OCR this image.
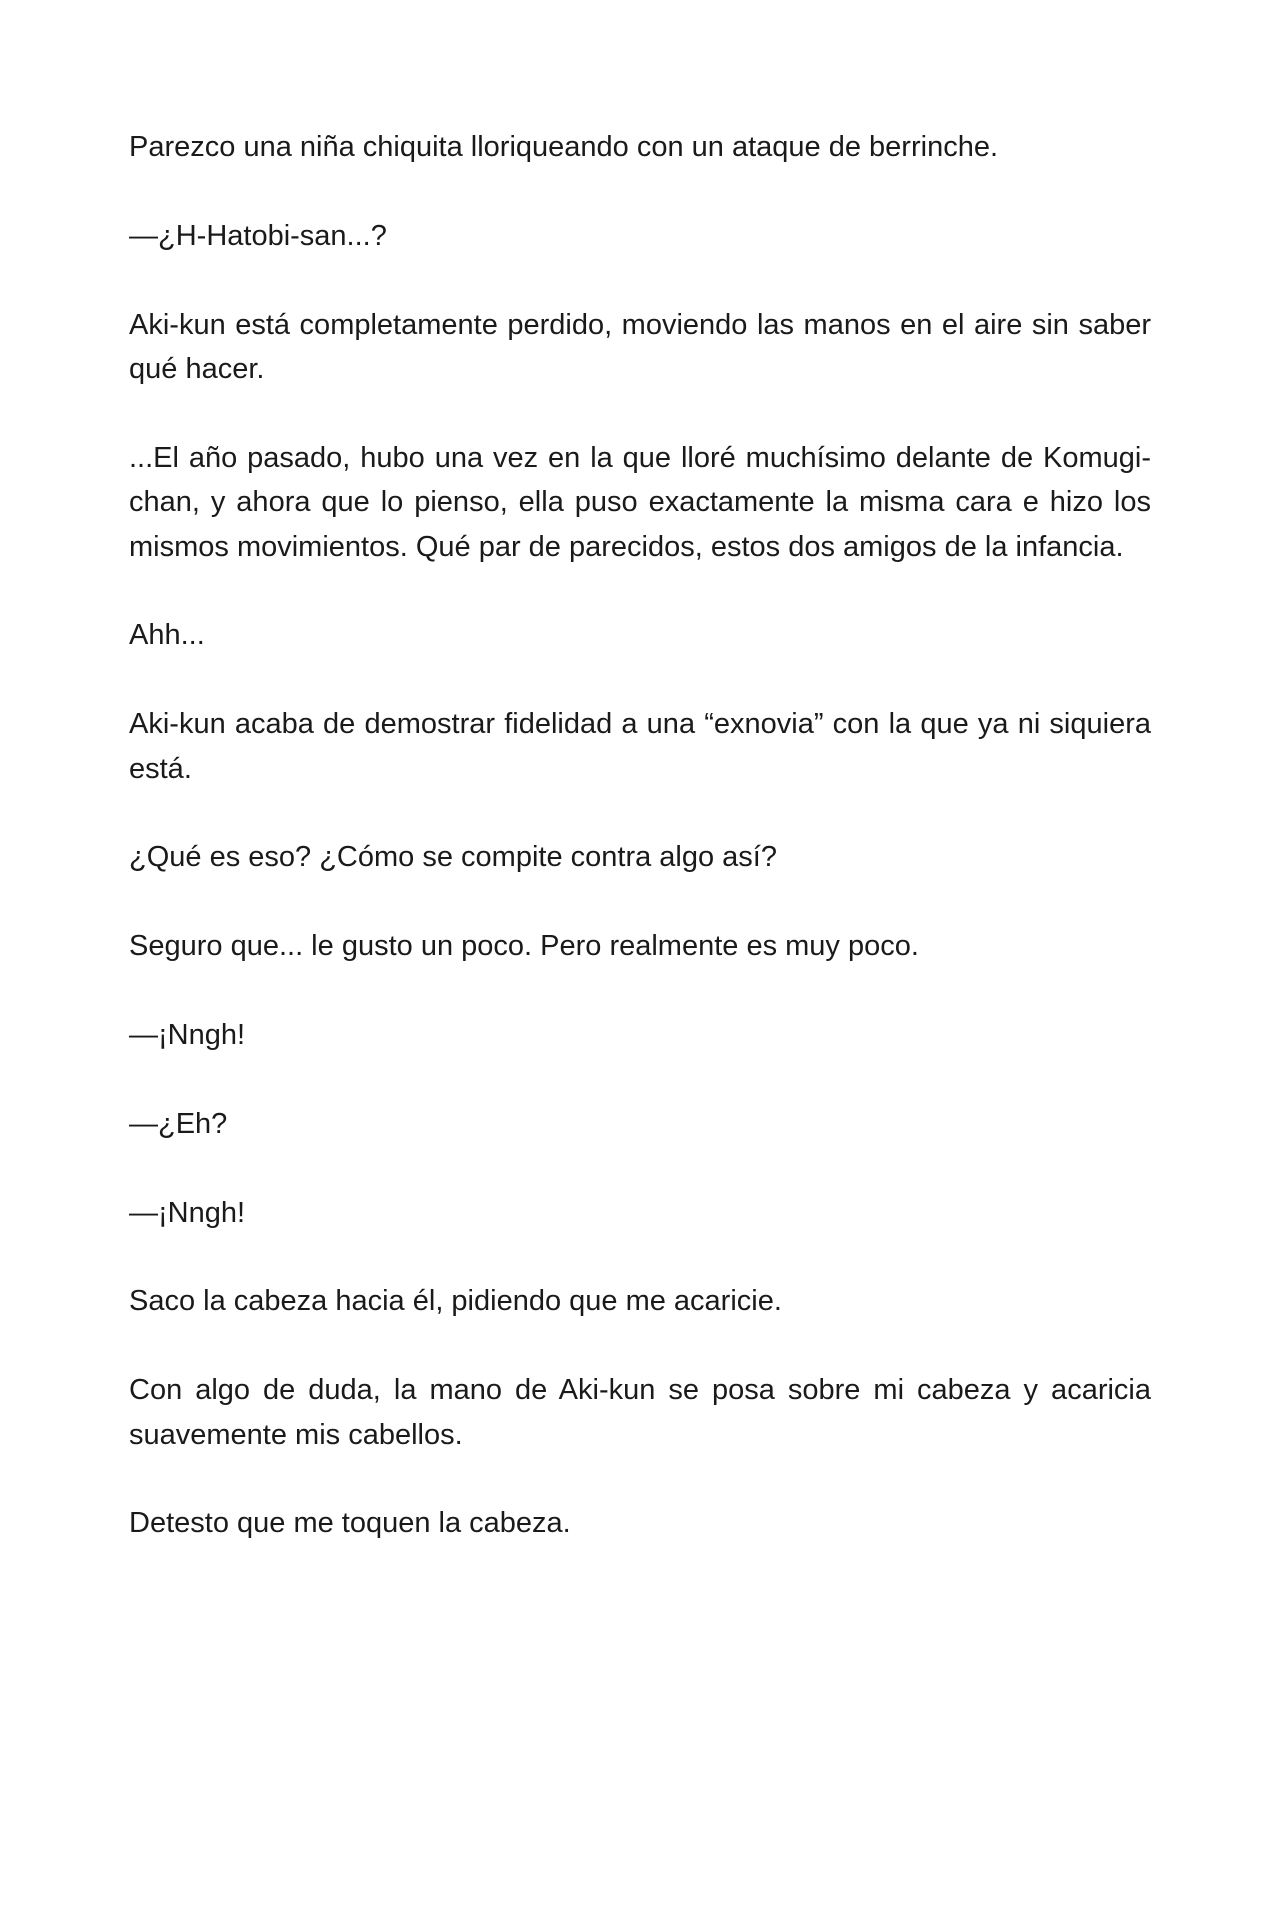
Parezco una niña chiquita lloriqueando con un ataque de berrinche.

—¿H-Hatobi-san...?

Aki-kun está completamente perdido, moviendo las manos en el aire sin saber qué hacer.

...El año pasado, hubo una vez en la que lloré muchísimo delante de Komugi-chan, y ahora que lo pienso, ella puso exactamente la misma cara e hizo los mismos movimientos. Qué par de parecidos, estos dos amigos de la infancia.

Ahh...

Aki-kun acaba de demostrar fidelidad a una “exnovia” con la que ya ni siquiera está.

¿Qué es eso? ¿Cómo se compite contra algo así?

Seguro que... le gusto un poco. Pero realmente es muy poco.

—¡Nngh!

—¿Eh?

—¡Nngh!

Saco la cabeza hacia él, pidiendo que me acaricie.

Con algo de duda, la mano de Aki-kun se posa sobre mi cabeza y acaricia suavemente mis cabellos.

Detesto que me toquen la cabeza.
